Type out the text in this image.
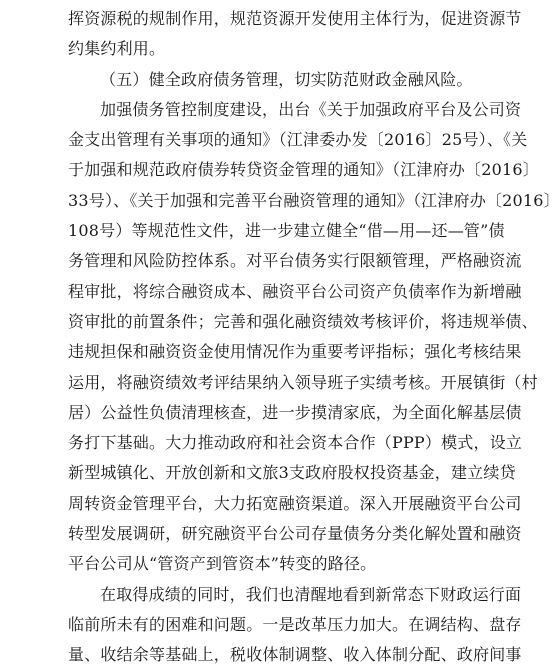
挥资源税的规制作用，规范资源开发使用主体行为，促进资源节
约集约利用。
（五）健全政府债务管理，切实防范财政金融风险。
加强债务管控制度建设，出台《关于加强政府平台及公司资
金支出管理有关事项的通知》（江津委办发〔2016〕25号）、《关
于加强和规范政府债券转贷资金管理的通知》（江津府办〔2016〕
33号）、《关于加强和完善平台融资管理的通知》（江津府办〔2016〕
108号）等规范性文件，进一步建立健全“借—用—还—管”债
务管理和风险防控体系。对平台债务实行限额管理，严格融资流
程审批，将综合融资成本、融资平台公司资产负债率作为新增融
资审批的前置条件；完善和强化融资绩效考核评价，将违规举债、
违规担保和融资资金使用情况作为重要考评指标；强化考核结果
运用，将融资绩效考评结果纳入领导班子实绩考核。开展镇街（村
居）公益性负债清理核查，进一步摸清家底，为全面化解基层债
务打下基础。大力推动政府和社会资本合作（PPP）模式，设立
新型城镇化、开放创新和文旅3支政府股权投资基金，建立续贷
周转资金管理平台，大力拓宽融资渠道。深入开展融资平台公司
转型发展调研，研究融资平台公司存量债务分类化解处置和融资
平台公司从“管资产到管资本”转变的路径。
在取得成绩的同时，我们也清醒地看到新常态下财政运行面
临前所未有的困难和问题。一是改革压力加大。在调结构、盘存
量、收结余等基础上，税收体制调整、收入体制分配、政府间事
